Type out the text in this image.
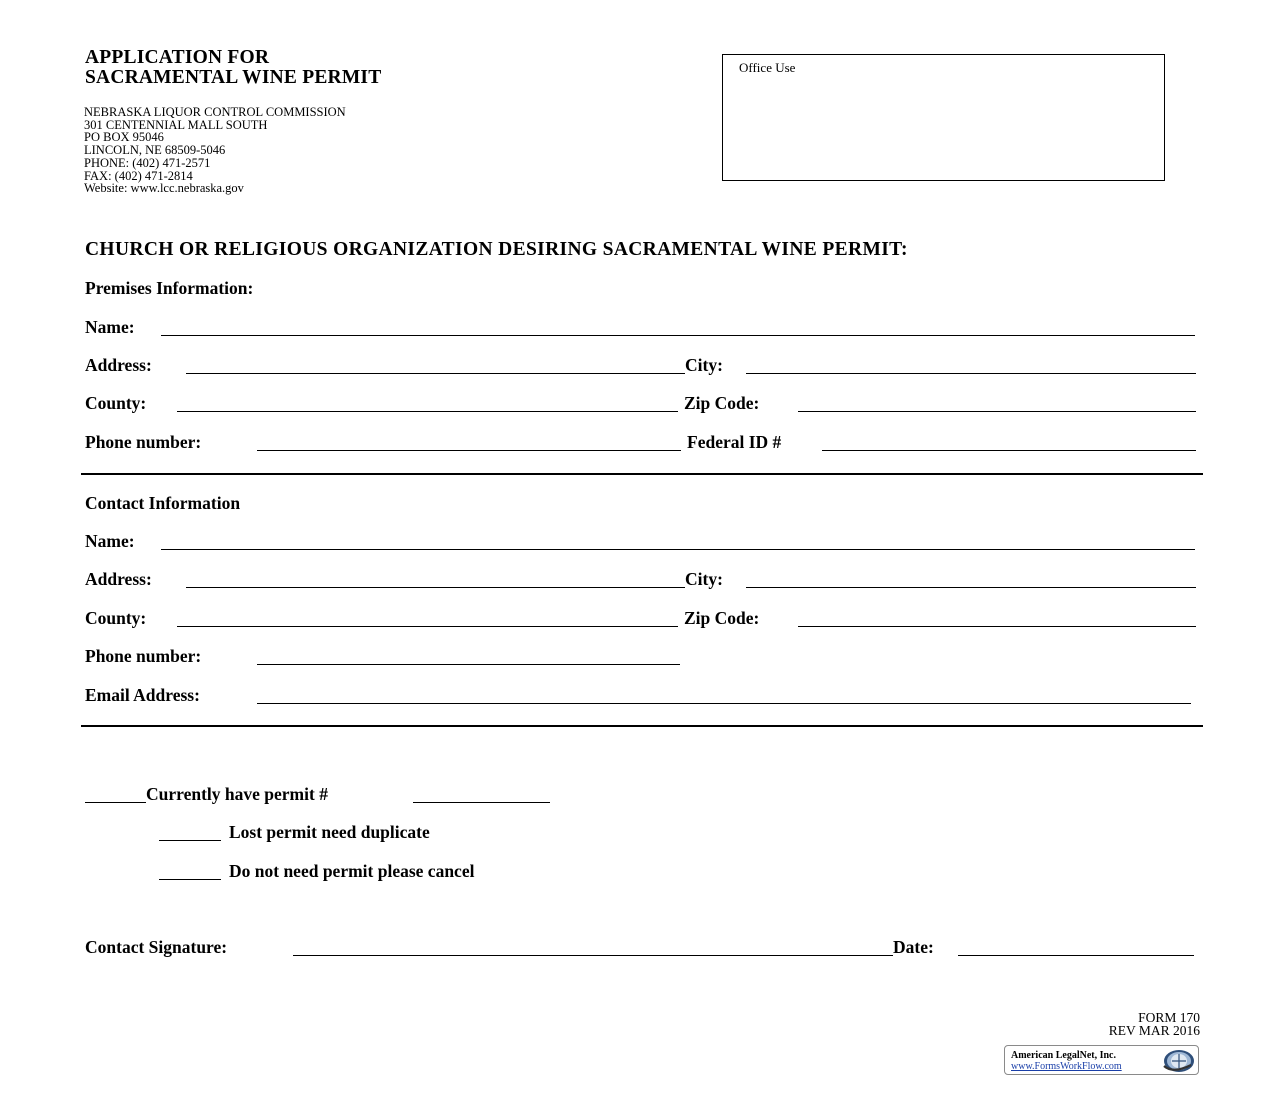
APPLICATION FOR
SACRAMENTAL WINE PERMIT
NEBRASKA LIQUOR CONTROL COMMISSION
301 CENTENNIAL MALL SOUTH
PO BOX 95046
LINCOLN, NE 68509-5046
PHONE: (402) 471-2571
FAX: (402) 471-2814
Website: www.lcc.nebraska.gov
Office Use
CHURCH OR RELIGIOUS ORGANIZATION DESIRING SACRAMENTAL WINE PERMIT:
Premises Information:
Name:
Address:	City:
County:	Zip Code:
Phone number:	Federal ID #
Contact Information
Name:
Address:	City:
County:	Zip Code:
Phone number:
Email Address:
Currently have permit #
Lost permit need duplicate
Do not need permit please cancel
Contact Signature:	Date:
FORM 170
REV MAR 2016
American LegalNet, Inc.
www.FormsWorkFlow.com
